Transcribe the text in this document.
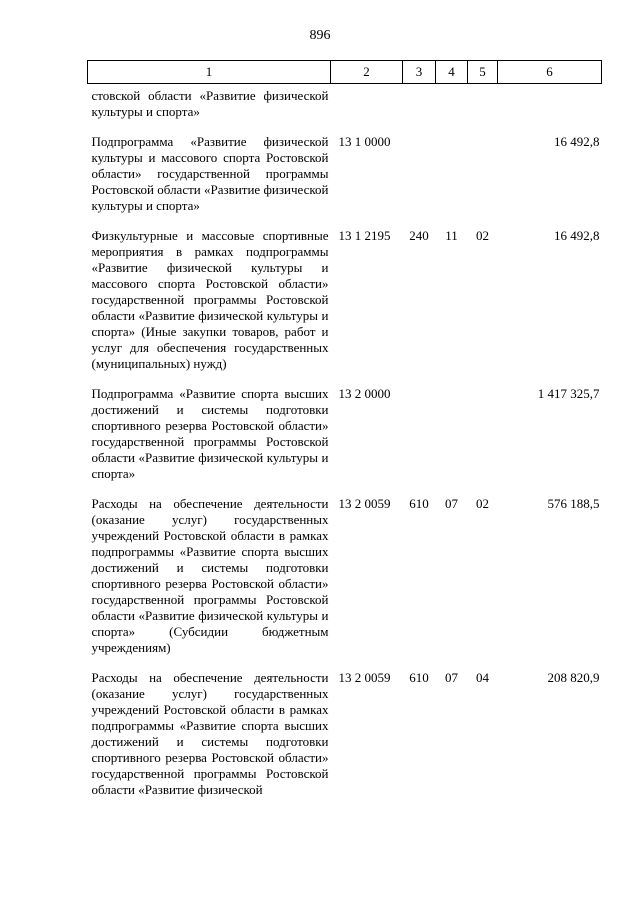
896
1	2	3	4	5	6
стовской области «Развитие физической культуры и спорта»					
Подпрограмма «Развитие физической культуры и массового спорта Ростовской области» государственной программы Ростовской области «Развитие физической культуры и спорта»	13 1 0000				16 492,8
Физкультурные и массовые спортивные мероприятия в рамках подпрограммы «Развитие физической культуры и массового спорта Ростовской области» государственной программы Ростовской области «Развитие физической культуры и спорта» (Иные закупки товаров, работ и услуг для обеспечения государственных (муниципальных) нужд)	13 1 2195	240	11	02	16 492,8
Подпрограмма «Развитие спорта высших достижений и системы подготовки спортивного резерва Ростовской области» государственной программы Ростовской области «Развитие физической культуры и спорта»	13 2 0000				1 417 325,7
Расходы на обеспечение деятельности (оказание услуг) государственных учреждений Ростовской области в рамках подпрограммы «Развитие спорта высших достижений и системы подготовки спортивного резерва Ростовской области» государственной программы Ростовской области «Развитие физической культуры и спорта» (Субсидии бюджетным учреждениям)	13 2 0059	610	07	02	576 188,5
Расходы на обеспечение деятельности (оказание услуг) государственных учреждений Ростовской области в рамках подпрограммы «Развитие спорта высших достижений и системы подготовки спортивного резерва Ростовской области» государственной программы Ростовской области «Развитие физической	13 2 0059	610	07	04	208 820,9
